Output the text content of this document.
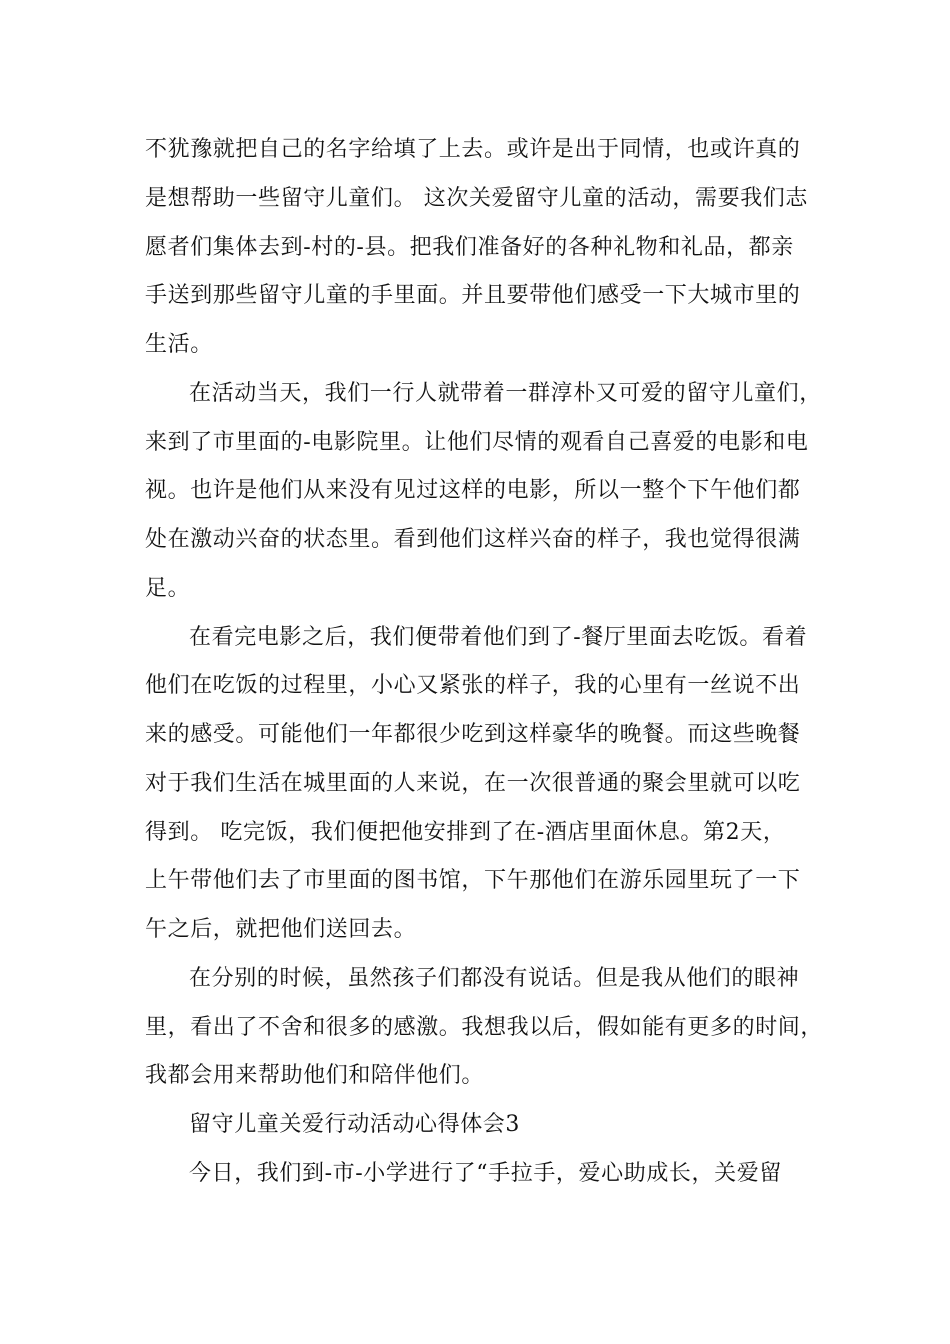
不犹豫就把自己的名字给填了上去。或许是出于同情，也或许真的
是想帮助一些留守儿童们。 这次关爱留守儿童的活动，需要我们志
愿者们集体去到-村的-县。把我们准备好的各种礼物和礼品，都亲
手送到那些留守儿童的手里面。并且要带他们感受一下大城市里的
生活。
在活动当天，我们一行人就带着一群淳朴又可爱的留守儿童们，
来到了市里面的-电影院里。让他们尽情的观看自己喜爱的电影和电
视。也许是他们从来没有见过这样的电影，所以一整个下午他们都
处在激动兴奋的状态里。看到他们这样兴奋的样子，我也觉得很满
足。
在看完电影之后，我们便带着他们到了-餐厅里面去吃饭。看着
他们在吃饭的过程里，小心又紧张的样子，我的心里有一丝说不出
来的感受。可能他们一年都很少吃到这样豪华的晚餐。而这些晚餐
对于我们生活在城里面的人来说，在一次很普通的聚会里就可以吃
得到。 吃完饭，我们便把他安排到了在-酒店里面休息。第2天，
上午带他们去了市里面的图书馆，下午那他们在游乐园里玩了一下
午之后，就把他们送回去。
在分别的时候，虽然孩子们都没有说话。但是我从他们的眼神
里，看出了不舍和很多的感激。我想我以后，假如能有更多的时间，
我都会用来帮助他们和陪伴他们。
留守儿童关爱行动活动心得体会3
今日，我们到-市-小学进行了“手拉手，爱心助成长，关爱留
